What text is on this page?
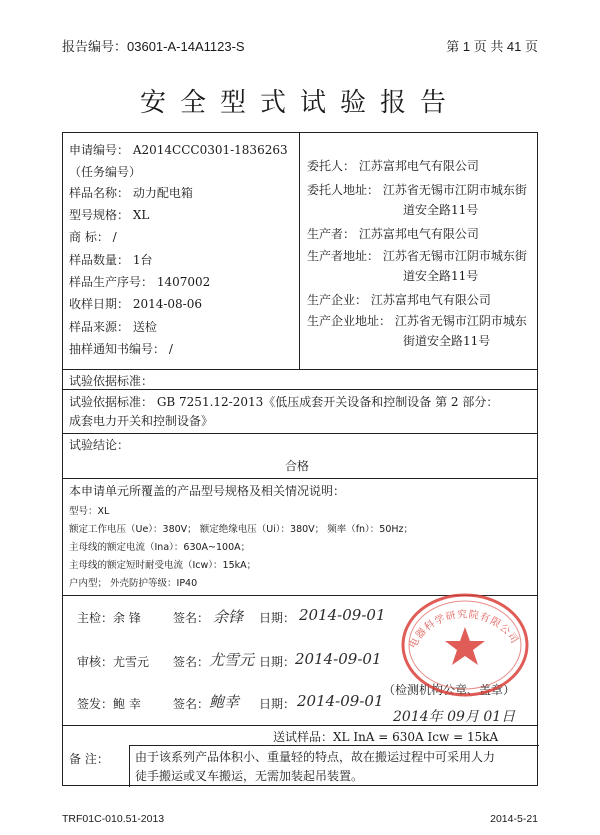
报告编号：03601-A-14A1123-S	第 1 页 共 41 页
安全型式试验报告
申请编号： A2014CCC0301-1836263
（任务编号）
样品名称： 动力配电箱
型号规格： XL
商 标： /
样品数量： 1台
样品生产序号： 1407002
收样日期： 2014-08-06
样品来源： 送检
抽样通知书编号： /
委托人： 江苏富邦电气有限公司
委托人地址： 江苏省无锡市江阴市城东街
道安全路11号
生产者： 江苏富邦电气有限公司
生产者地址： 江苏省无锡市江阴市城东街
道安全路11号
生产企业： 江苏富邦电气有限公司
生产企业地址： 江苏省无锡市江阴市城东
街道安全路11号
试验依据标准：
试验依据标准： GB 7251.12-2013《低压成套开关设备和控制设备 第 2 部分：
成套电力开关和控制设备》
试验结论：
合格
本申请单元所覆盖的产品型号规格及相关情况说明：
型号：XL
额定工作电压（Ue）：380V； 额定绝缘电压（Ui）：380V； 频率（fn）：50Hz；
主母线的额定电流（Ina）：630A~100A；
主母线的额定短时耐受电流（Icw）：15kA；
户内型； 外壳防护等级：IP40
主检：余 锋	签名： 余锋 日期： 2014-09-01
审核：尤雪元 签名： 尤雪元 日期： 2014-09-01
签发：鲍 幸	签名： 鲍幸 日期： 2014-09-01
（检测机构公章、盖章）
2014年 09月 01日
送试样品：XL InA = 630A Icw = 15kA
备 注： 由于该系列产品体积小、重量轻的特点，故在搬运过程中可采用人力
徒手搬运或叉车搬运，无需加装起吊装置。
电器科学研究院有限公司
TRF01C-010.51-2013	2014-5-21
